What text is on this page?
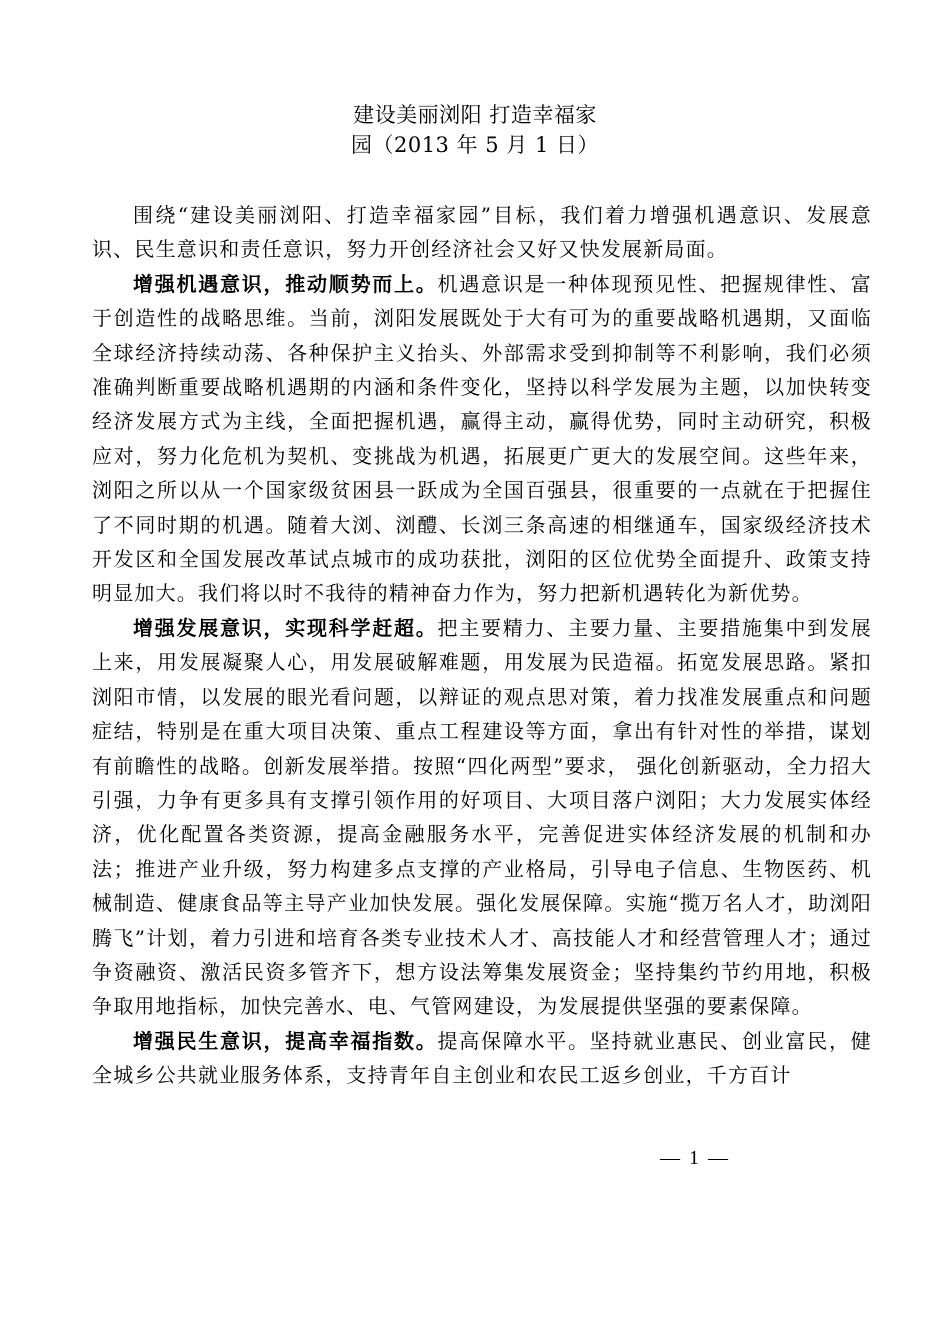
建设美丽浏阳 打造幸福家
园（2013 年 5 月 1 日）

围绕“建设美丽浏阳、打造幸福家园”目标，我们着力增强机遇意识、发展意识、民生意识和责任意识，努力开创经济社会又好又快发展新局面。

增强机遇意识，推动顺势而上。机遇意识是一种体现预见性、把握规律性、富于创造性的战略思维。当前，浏阳发展既处于大有可为的重要战略机遇期，又面临全球经济持续动荡、各种保护主义抬头、外部需求受到抑制等不利影响，我们必须准确判断重要战略机遇期的内涵和条件变化，坚持以科学发展为主题，以加快转变经济发展方式为主线，全面把握机遇，赢得主动，赢得优势，同时主动研究，积极应对，努力化危机为契机、变挑战为机遇，拓展更广更大的发展空间。这些年来，浏阳之所以从一个国家级贫困县一跃成为全国百强县，很重要的一点就在于把握住了不同时期的机遇。随着大浏、浏醴、长浏三条高速的相继通车，国家级经济技术开发区和全国发展改革试点城市的成功获批，浏阳的区位优势全面提升、政策支持明显加大。我们将以时不我待的精神奋力作为，努力把新机遇转化为新优势。

增强发展意识，实现科学赶超。把主要精力、主要力量、主要措施集中到发展上来，用发展凝聚人心，用发展破解难题，用发展为民造福。拓宽发展思路。紧扣浏阳市情，以发展的眼光看问题，以辩证的观点思对策，着力找准发展重点和问题症结，特别是在重大项目决策、重点工程建设等方面，拿出有针对性的举措，谋划有前瞻性的战略。创新发展举措。按照“四化两型”要求， 强化创新驱动，全力招大引强，力争有更多具有支撑引领作用的好项目、大项目落户浏阳；大力发展实体经济，优化配置各类资源，提高金融服务水平，完善促进实体经济发展的机制和办法；推进产业升级，努力构建多点支撑的产业格局，引导电子信息、生物医药、机械制造、健康食品等主导产业加快发展。强化发展保障。实施“揽万名人才，助浏阳腾飞”计划，着力引进和培育各类专业技术人才、高技能人才和经营管理人才；通过争资融资、激活民资多管齐下，想方设法筹集发展资金；坚持集约节约用地，积极争取用地指标，加快完善水、电、气管网建设，为发展提供坚强的要素保障。

增强民生意识，提高幸福指数。提高保障水平。坚持就业惠民、创业富民，健全城乡公共就业服务体系，支持青年自主创业和农民工返乡创业，千方百计

— 1 —
